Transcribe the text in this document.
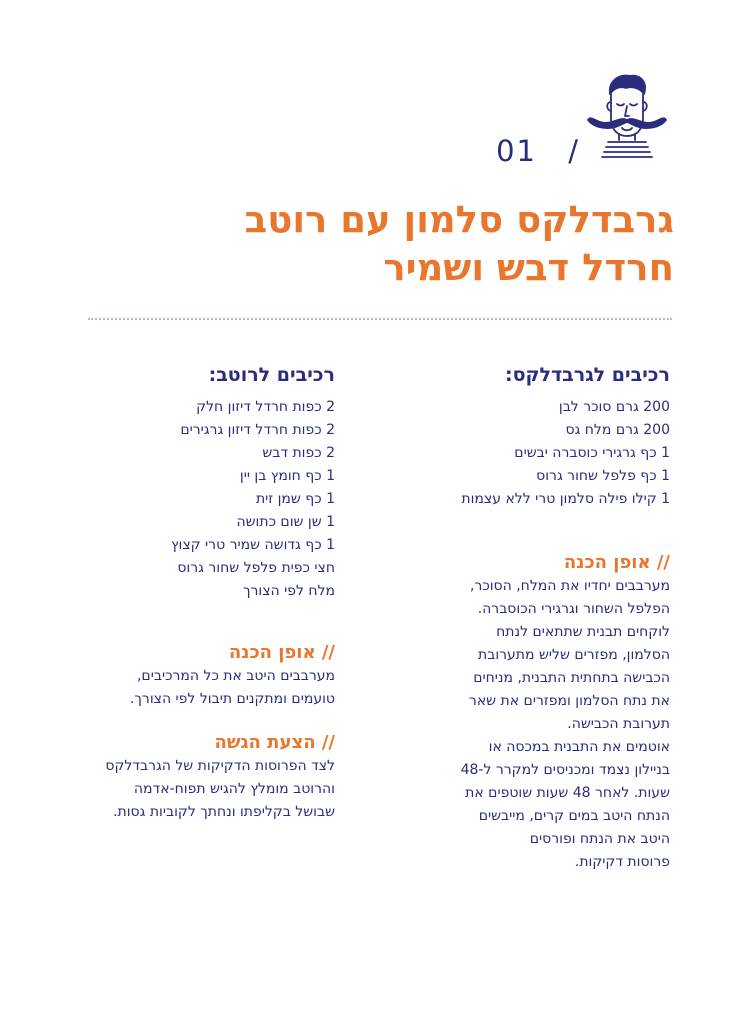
01 /
גרבדלקס סלמון עם רוטב
חרדל דבש ושמיר
רכיבים לגרבדלקס:
200 גרם סוכר לבן
200 גרם מלח גס
1 כף גרגירי כוסברה יבשים
1 כף פלפל שחור גרוס
1 קילו פילה סלמון טרי ללא עצמות
// אופן הכנה

מערבבים יחדיו את המלח, הסוכר,
הפלפל השחור וגרגירי הכוסברה.
לוקחים תבנית שתתאים לנתח
הסלמון, מפזרים שליש מתערובת
הכבישה בתחתית התבנית, מניחים
את נתח הסלמון ומפזרים את שאר
תערובת הכבישה.
אוטמים את התבנית במכסה או
בניילון נצמד ומכניסים למקרר ל-48
שעות. לאחר 48 שעות שוטפים את
הנתח היטב במים קרים, מייבשים
היטב את הנתח ופורסים
פרוסות דקיקות.

רכיבים לרוטב:
2 כפות חרדל דיזון חלק
2 כפות חרדל דיזון גרגירים
2 כפות דבש
1 כף חומץ בן יין
1 כף שמן זית
1 שן שום כתושה
1 כף גדושה שמיר טרי קצוץ
חצי כפית פלפל שחור גרוס
מלח לפי הצורך
// אופן הכנה

מערבבים היטב את כל המרכיבים,
טועמים ומתקנים תיבול לפי הצורך.

// הצעת הגשה

לצד הפרוסות הדקיקות של הגרבדלקס
והרוטב מומלץ להגיש תפוח-אדמה
שבושל בקליפתו ונחתך לקוביות גסות.
